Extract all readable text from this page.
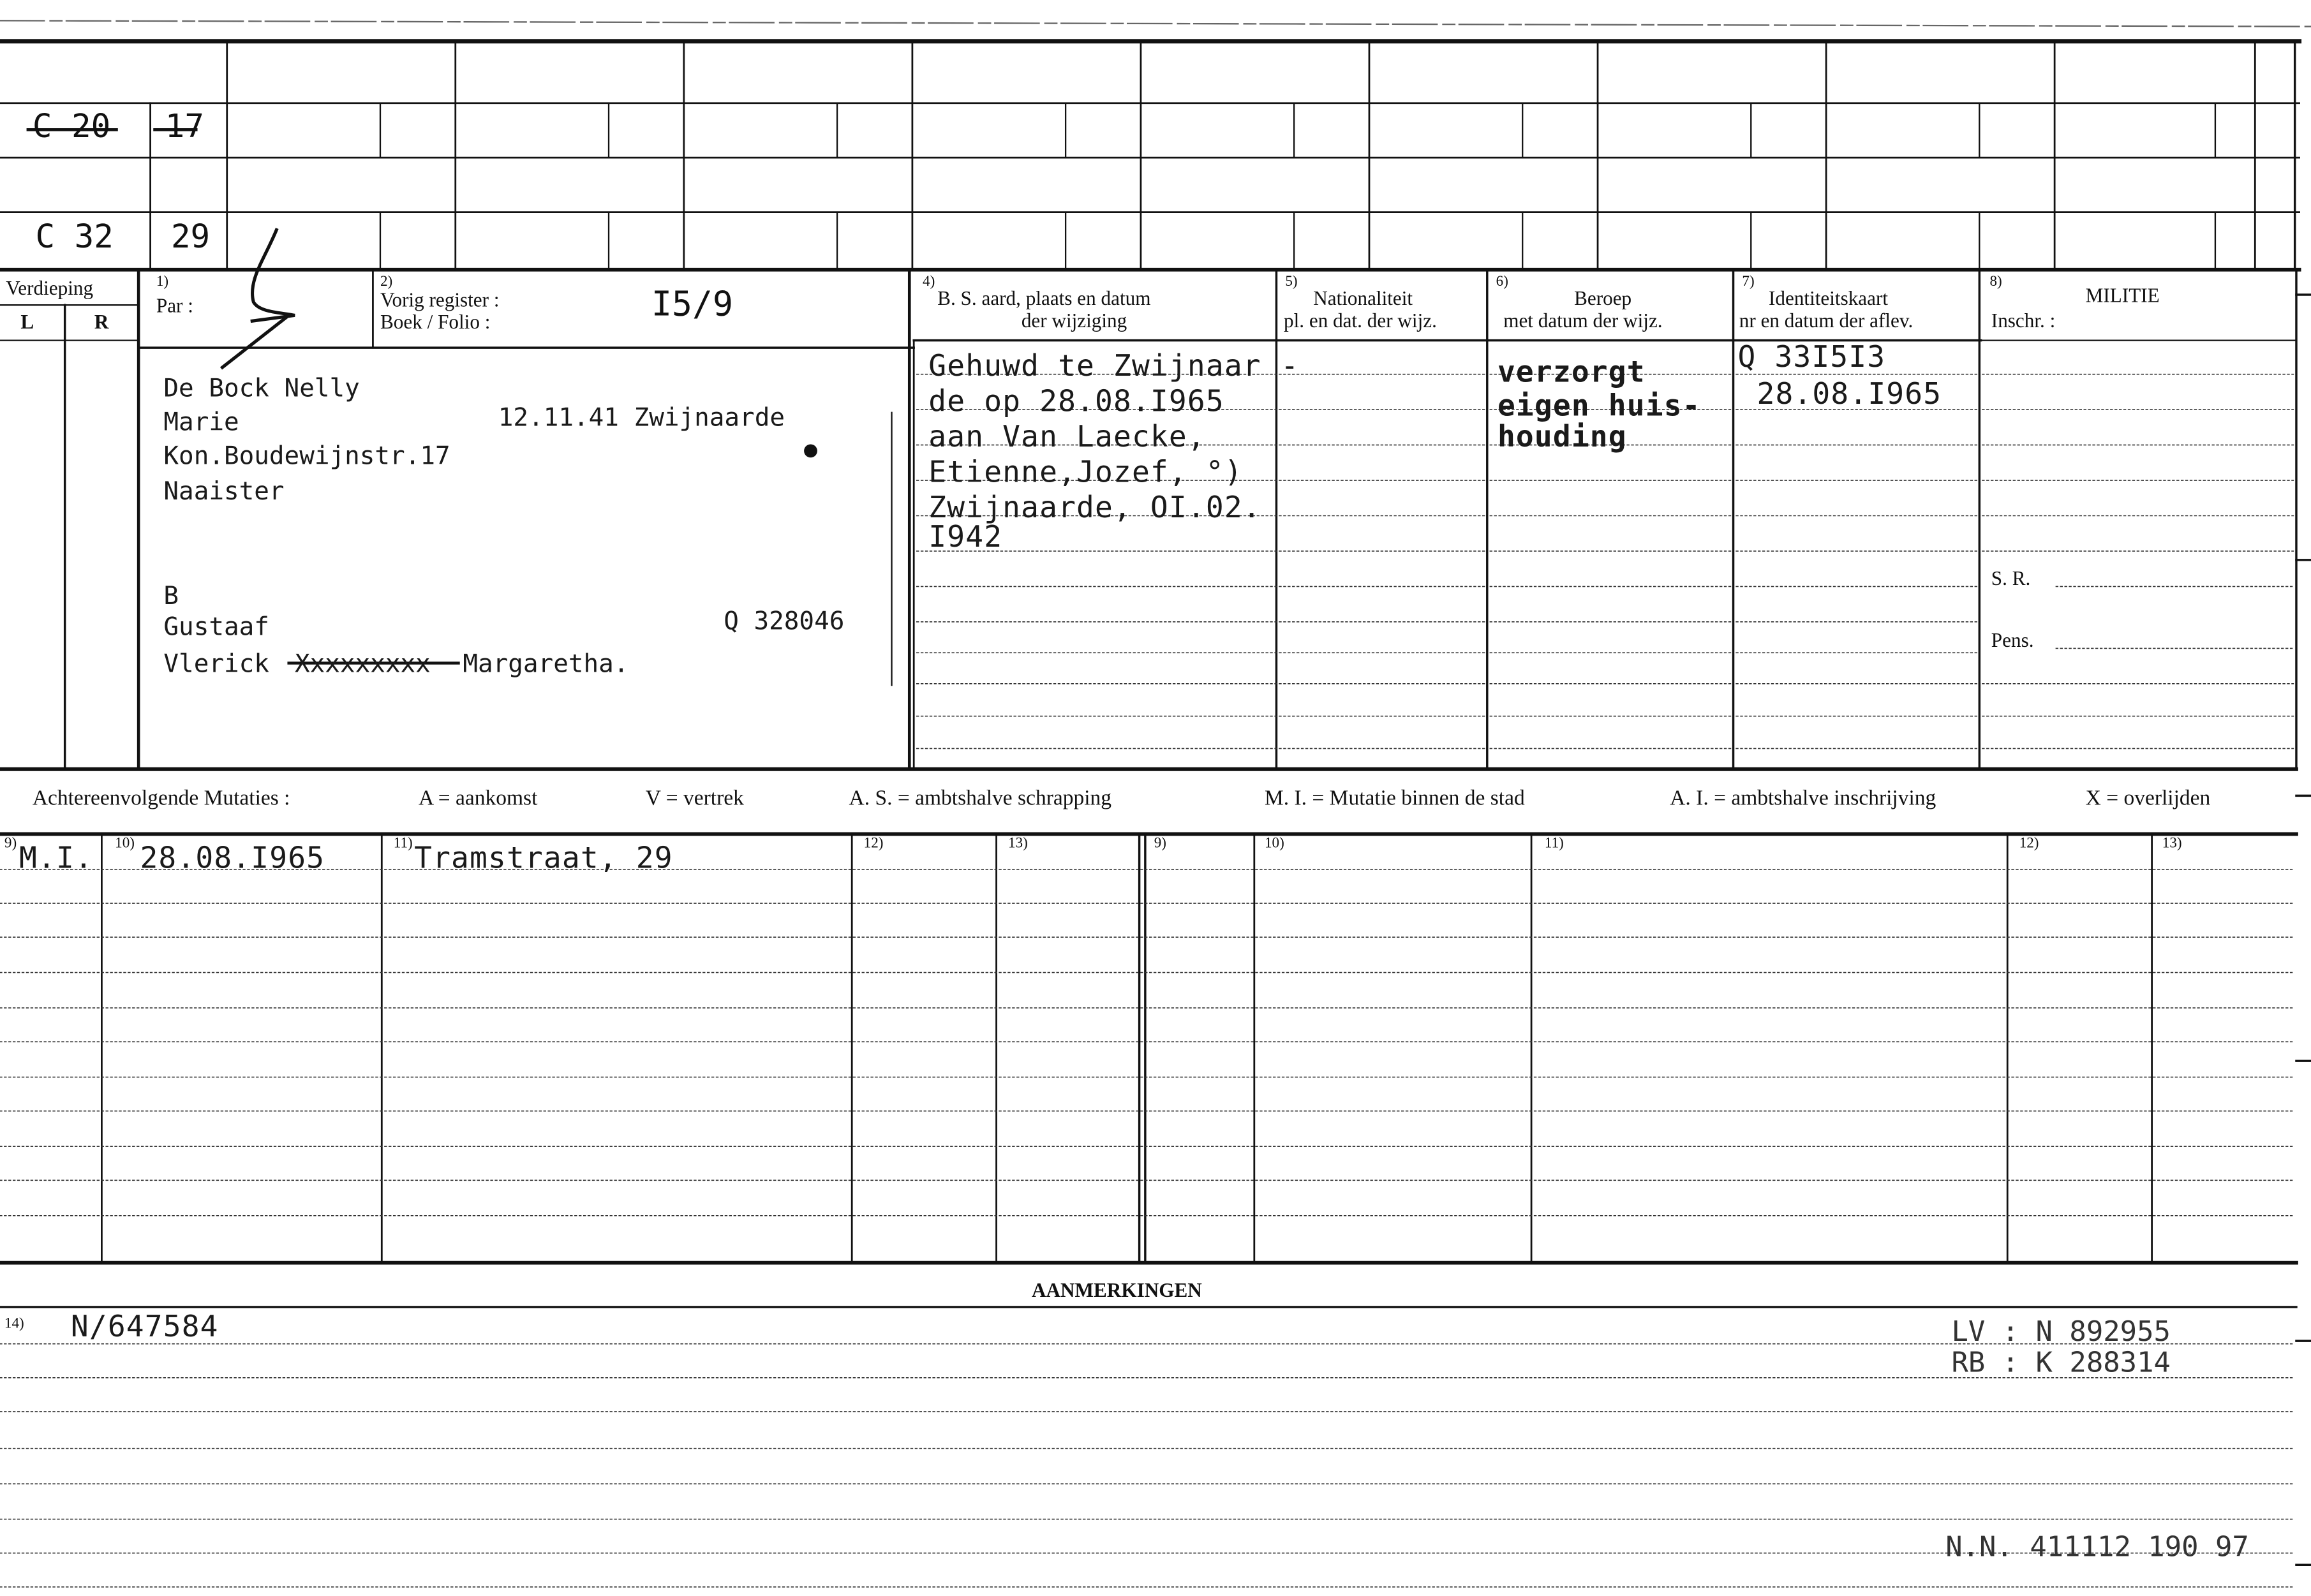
C 20	17
C 32	29
Verdieping
L	R
1)
Par :
2)
Vorig register :
Boek / Folio :	I5/9
4)
B. S. aard, plaats en datum
der wijziging
5)
Nationaliteit
pl. en dat. der wijz.
6)
Beroep
met datum der wijz.
7)
Identiteitskaart
nr en datum der aflev.
8)
MILITIE
Inschr. :
S. R.
Pens.
De Bock Nelly
Marie	12.11.41 Zwijnaarde
Kon.Boudewijnstr.17
Naaister
B
Gustaaf	Q 328046
Vlerick Xxxxxxxxx	Margaretha.
Gehuwd te Zwijnaar
de op 28.08.I965
aan Van Laecke,
Etienne,Jozef, °)
Zwijnaarde, OI.02.
I942
-	verzorgt
eigen huis-
houding
Q 33I5I3
28.08.I965
Achtereenvolgende Mutaties :	A = aankomst	V = vertrek	A. S. = ambtshalve schrapping	M. I. = Mutatie binnen de stad	A. I. = ambtshalve inschrijving	X = overlijden
9)	10)	11)	12)	13)	9)	10)	11)	12)	13)
M.I.	28.08.I965	Tramstraat, 29
AANMERKINGEN
14)	N/647584	LV : N 892955
RB : K 288314
N.N. 411112 190 97
